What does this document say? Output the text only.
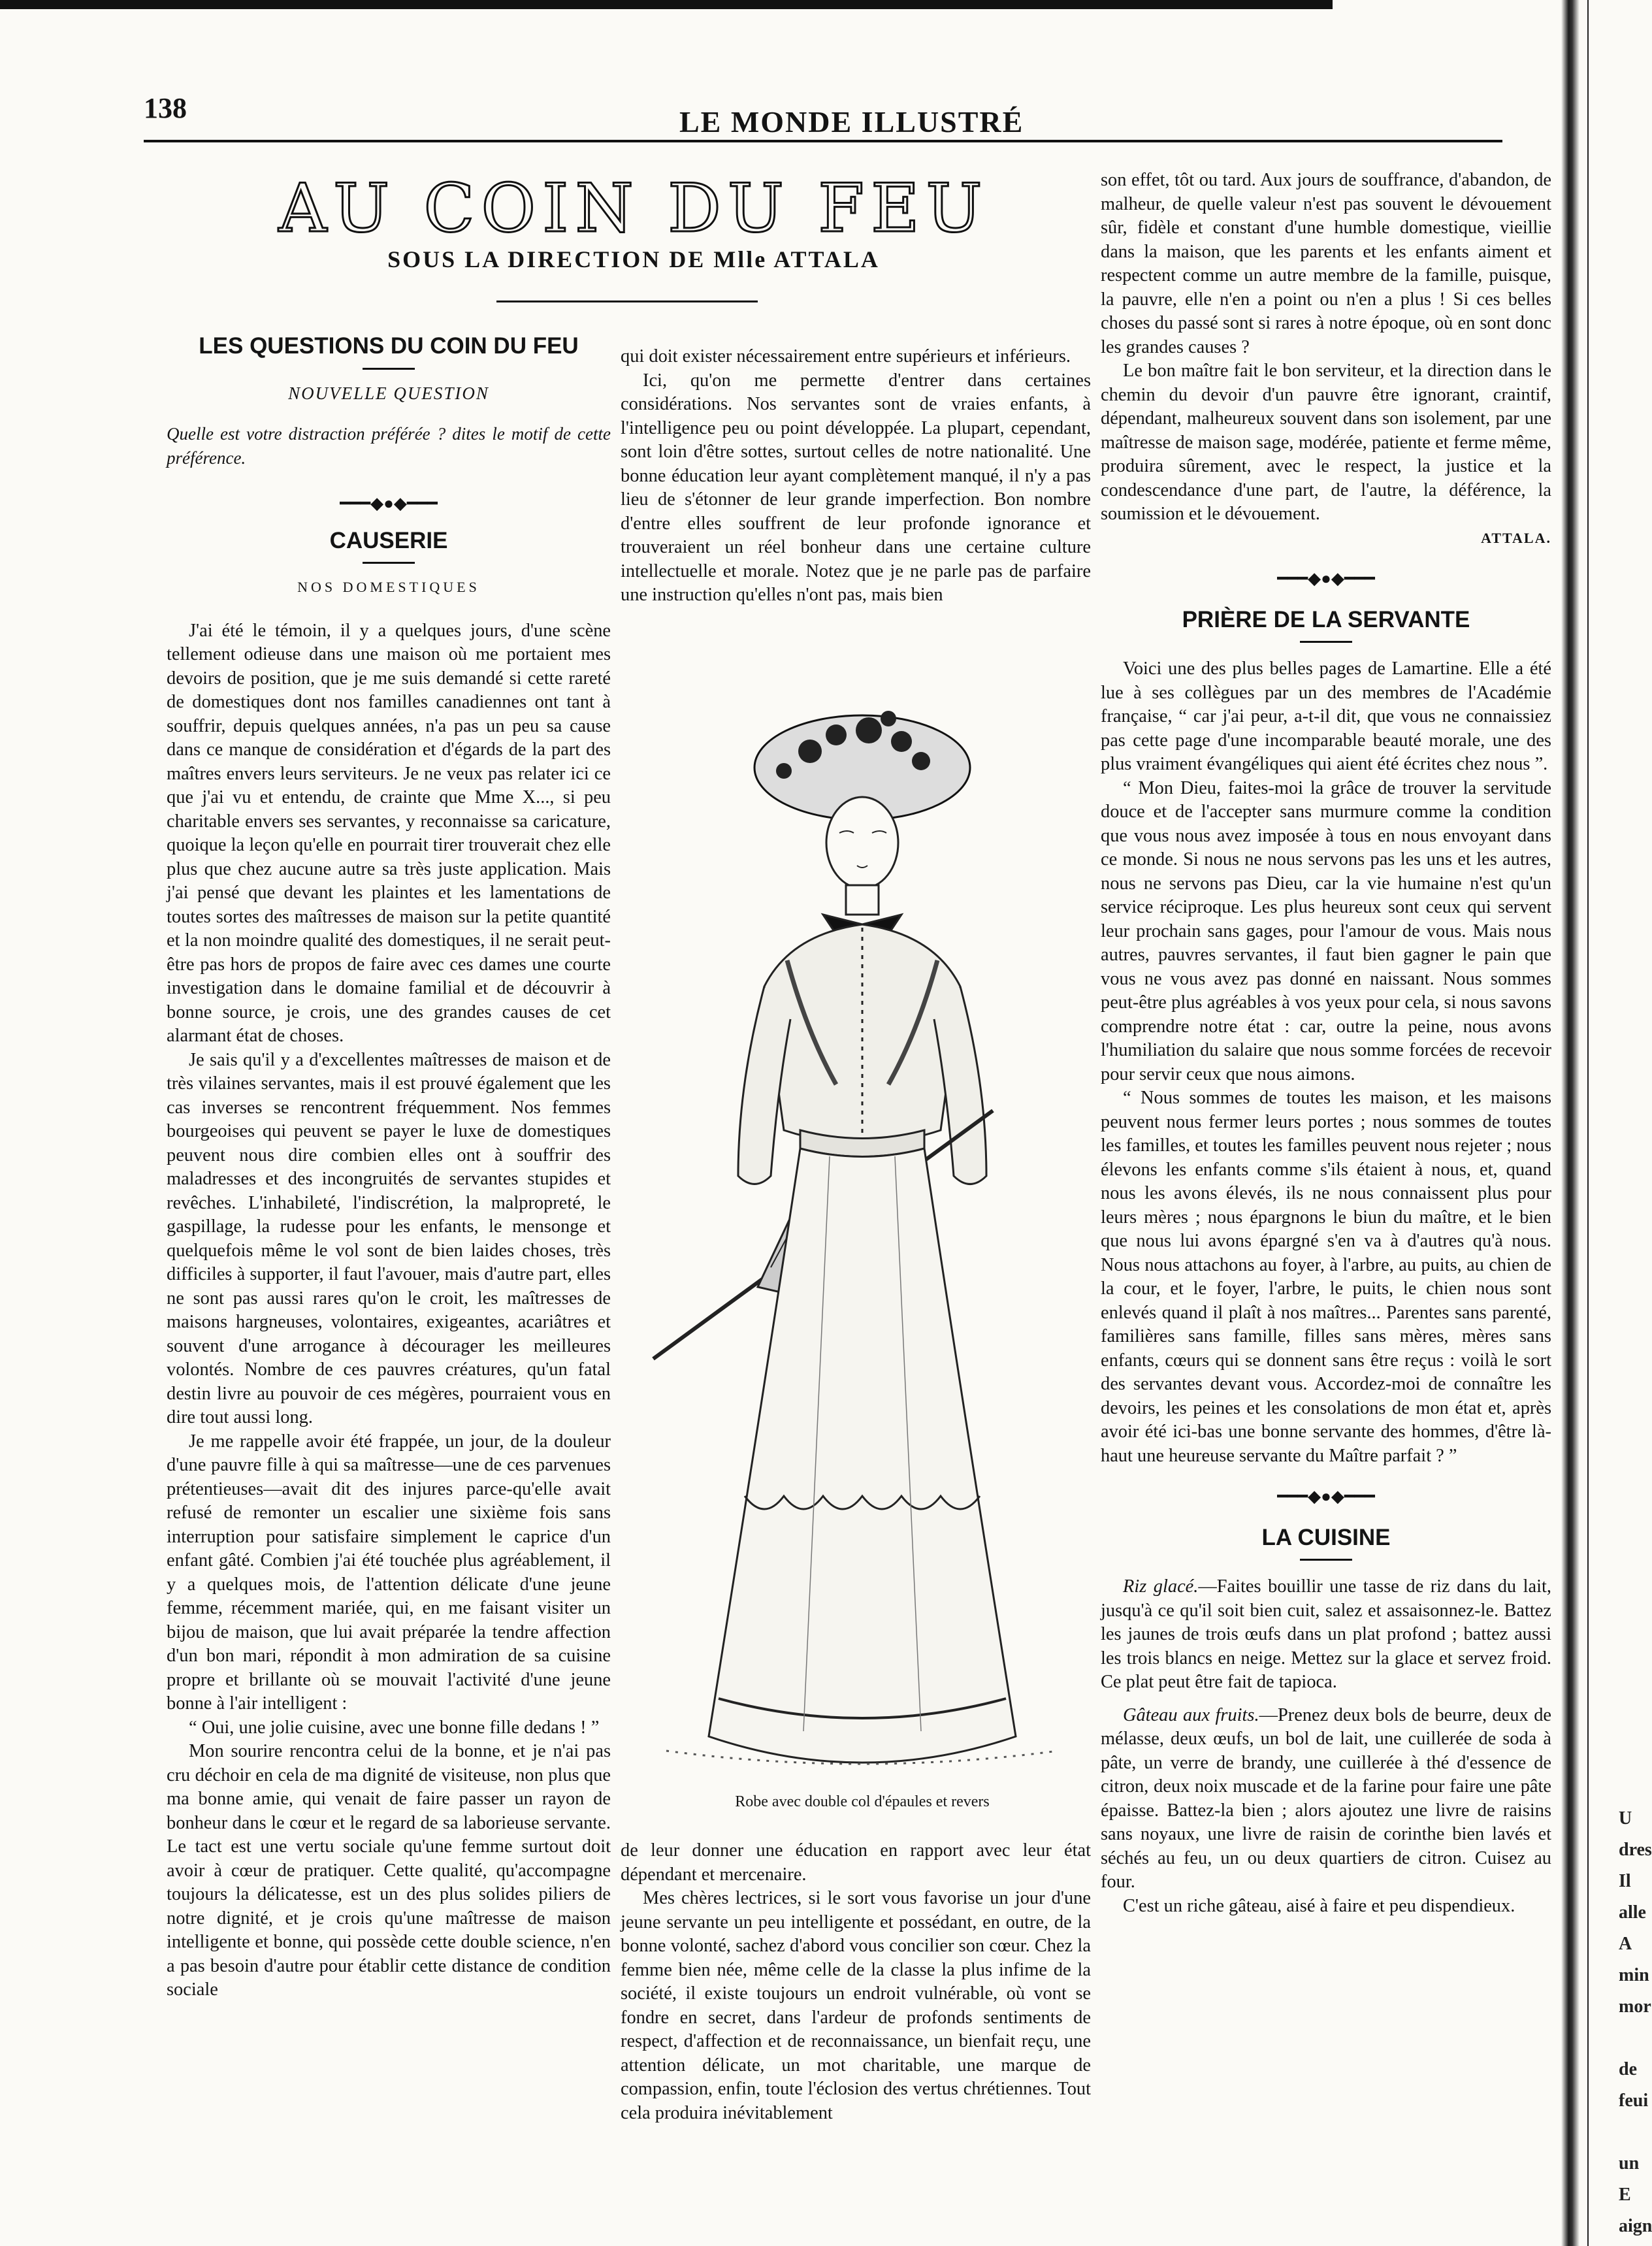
U
dres
Il
alle
A
min
mor

de
feui

un
E
aign
138	LE MONDE ILLUSTRÉ
AU COIN DU FEU
SOUS LA DIRECTION DE Mlle ATTALA
LES QUESTIONS DU COIN DU FEU
NOUVELLE QUESTION

Quelle est votre distraction préférée ? dites le motif de cette préférence.

━━━◆●◆━━━
CAUSERIE
NOS DOMESTIQUES

J'ai été le témoin, il y a quelques jours, d'une scène tellement odieuse dans une maison où me portaient mes devoirs de position, que je me suis demandé si cette rareté de domestiques dont nos familles canadiennes ont tant à souffrir, depuis quelques années, n'a pas un peu sa cause dans ce manque de considération et d'égards de la part des maîtres envers leurs serviteurs. Je ne veux pas relater ici ce que j'ai vu et entendu, de crainte que Mme X..., si peu charitable envers ses servantes, y reconnaisse sa caricature, quoique la leçon qu'elle en pourrait tirer trouverait chez elle plus que chez aucune autre sa très juste application. Mais j'ai pensé que devant les plaintes et les lamentations de toutes sortes des maîtresses de maison sur la petite quantité et la non moindre qualité des domestiques, il ne serait peut-être pas hors de propos de faire avec ces dames une courte investigation dans le domaine familial et de découvrir à bonne source, je crois, une des grandes causes de cet alarmant état de choses.

Je sais qu'il y a d'excellentes maîtresses de maison et de très vilaines servantes, mais il est prouvé également que les cas inverses se rencontrent fréquemment. Nos femmes bourgeoises qui peuvent se payer le luxe de domestiques peuvent nous dire combien elles ont à souffrir des maladresses et des incongruités de servantes stupides et revêches. L'inhabileté, l'indiscrétion, la malpropreté, le gaspillage, la rudesse pour les enfants, le mensonge et quelquefois même le vol sont de bien laides choses, très difficiles à supporter, il faut l'avouer, mais d'autre part, elles ne sont pas aussi rares qu'on le croit, les maîtresses de maisons hargneuses, volontaires, exigeantes, acariâtres et souvent d'une arrogance à décourager les meilleures volontés. Nombre de ces pauvres créatures, qu'un fatal destin livre au pouvoir de ces mégères, pourraient vous en dire tout aussi long.

Je me rappelle avoir été frappée, un jour, de la douleur d'une pauvre fille à qui sa maîtresse—une de ces parvenues prétentieuses—avait dit des injures parce-qu'elle avait refusé de remonter un escalier une sixième fois sans interruption pour satisfaire simplement le caprice d'un enfant gâté. Combien j'ai été touchée plus agréablement, il y a quelques mois, de l'attention délicate d'une jeune femme, récemment mariée, qui, en me faisant visiter un bijou de maison, que lui avait préparée la tendre affection d'un bon mari, répondit à mon admiration de sa cuisine propre et brillante où se mouvait l'activité d'une jeune bonne à l'air intelligent :

“ Oui, une jolie cuisine, avec une bonne fille dedans ! ”

Mon sourire rencontra celui de la bonne, et je n'ai pas cru déchoir en cela de ma dignité de visiteuse, non plus que ma bonne amie, qui venait de faire passer un rayon de bonheur dans le cœur et le regard de sa laborieuse servante. Le tact est une vertu sociale qu'une femme surtout doit avoir à cœur de pratiquer. Cette qualité, qu'accompagne toujours la délicatesse, est un des plus solides piliers de notre dignité, et je crois qu'une maîtresse de maison intelligente et bonne, qui possède cette double science, n'en a pas besoin d'autre pour établir cette distance de condition sociale

qui doit exister nécessairement entre supérieurs et inférieurs.

Ici, qu'on me permette d'entrer dans certaines considérations. Nos servantes sont de vraies enfants, à l'intelligence peu ou point développée. La plupart, cependant, sont loin d'être sottes, surtout celles de notre nationalité. Une bonne éducation leur ayant complètement manqué, il n'y a pas lieu de s'étonner de leur grande imperfection. Bon nombre d'entre elles souffrent de leur profonde ignorance et trouveraient un réel bonheur dans une certaine culture intellectuelle et morale. Notez que je ne parle pas de parfaire une instruction qu'elles n'ont pas, mais bien

Robe avec double col d'épaules et revers

de leur donner une éducation en rapport avec leur état dépendant et mercenaire.

Mes chères lectrices, si le sort vous favorise un jour d'une jeune servante un peu intelligente et possédant, en outre, de la bonne volonté, sachez d'abord vous concilier son cœur. Chez la femme bien née, même celle de la classe la plus infime de la société, il existe toujours un endroit vulnérable, où vont se fondre en secret, dans l'ardeur de profonds sentiments de respect, d'affection et de reconnaissance, un bienfait reçu, une attention délicate, un mot charitable, une marque de compassion, enfin, toute l'éclosion des vertus chrétiennes. Tout cela produira inévitablement

son effet, tôt ou tard. Aux jours de souffrance, d'abandon, de malheur, de quelle valeur n'est pas souvent le dévouement sûr, fidèle et constant d'une humble domestique, vieillie dans la maison, que les parents et les enfants aiment et respectent comme un autre membre de la famille, puisque, la pauvre, elle n'en a point ou n'en a plus ! Si ces belles choses du passé sont si rares à notre époque, où en sont donc les grandes causes ?

Le bon maître fait le bon serviteur, et la direction dans le chemin du devoir d'un pauvre être ignorant, craintif, dépendant, malheureux souvent dans son isolement, par une maîtresse de maison sage, modérée, patiente et ferme même, produira sûrement, avec le respect, la justice et la condescendance d'une part, de l'autre, la déférence, la soumission et le dévouement.

ATTALA.
━━━◆●◆━━━
PRIÈRE DE LA SERVANTE

Voici une des plus belles pages de Lamartine. Elle a été lue à ses collègues par un des membres de l'Académie française, “ car j'ai peur, a-t-il dit, que vous ne connaissiez pas cette page d'une incomparable beauté morale, une des plus vraiment évangéliques qui aient été écrites chez nous ”.

“ Mon Dieu, faites-moi la grâce de trouver la servitude douce et de l'accepter sans murmure comme la condition que vous nous avez imposée à tous en nous envoyant dans ce monde. Si nous ne nous servons pas les uns et les autres, nous ne servons pas Dieu, car la vie humaine n'est qu'un service réciproque. Les plus heureux sont ceux qui servent leur prochain sans gages, pour l'amour de vous. Mais nous autres, pauvres servantes, il faut bien gagner le pain que vous ne vous avez pas donné en naissant. Nous sommes peut-être plus agréables à vos yeux pour cela, si nous savons comprendre notre état : car, outre la peine, nous avons l'humiliation du salaire que nous somme forcées de recevoir pour servir ceux que nous aimons.

“ Nous sommes de toutes les maison, et les maisons peuvent nous fermer leurs portes ; nous sommes de toutes les familles, et toutes les familles peuvent nous rejeter ; nous élevons les enfants comme s'ils étaient à nous, et, quand nous les avons élevés, ils ne nous connaissent plus pour leurs mères ; nous épargnons le biun du maître, et le bien que nous lui avons épargné s'en va à d'autres qu'à nous. Nous nous attachons au foyer, à l'arbre, au puits, au chien de la cour, et le foyer, l'arbre, le puits, le chien nous sont enlevés quand il plaît à nos maîtres... Parentes sans parenté, familières sans famille, filles sans mères, mères sans enfants, cœurs qui se donnent sans être reçus : voilà le sort des servantes devant vous. Accordez-moi de connaître les devoirs, les peines et les consolations de mon état et, après avoir été ici-bas une bonne servante des hommes, d'être là-haut une heureuse servante du Maître parfait ? ”

━━━◆●◆━━━
LA CUISINE

Riz glacé.—Faites bouillir une tasse de riz dans du lait, jusqu'à ce qu'il soit bien cuit, salez et assaisonnez-le. Battez les jaunes de trois œufs dans un plat profond ; battez aussi les trois blancs en neige. Mettez sur la glace et servez froid. Ce plat peut être fait de tapioca.

Gâteau aux fruits.—Prenez deux bols de beurre, deux de mélasse, deux œufs, un bol de lait, une cuillerée de soda à pâte, un verre de brandy, une cuillerée à thé d'essence de citron, deux noix muscade et de la farine pour faire une pâte épaisse. Battez-la bien ; alors ajoutez une livre de raisins sans noyaux, une livre de raisin de corinthe bien lavés et séchés au feu, un ou deux quartiers de citron. Cuisez au four.

C'est un riche gâteau, aisé à faire et peu dispendieux.
